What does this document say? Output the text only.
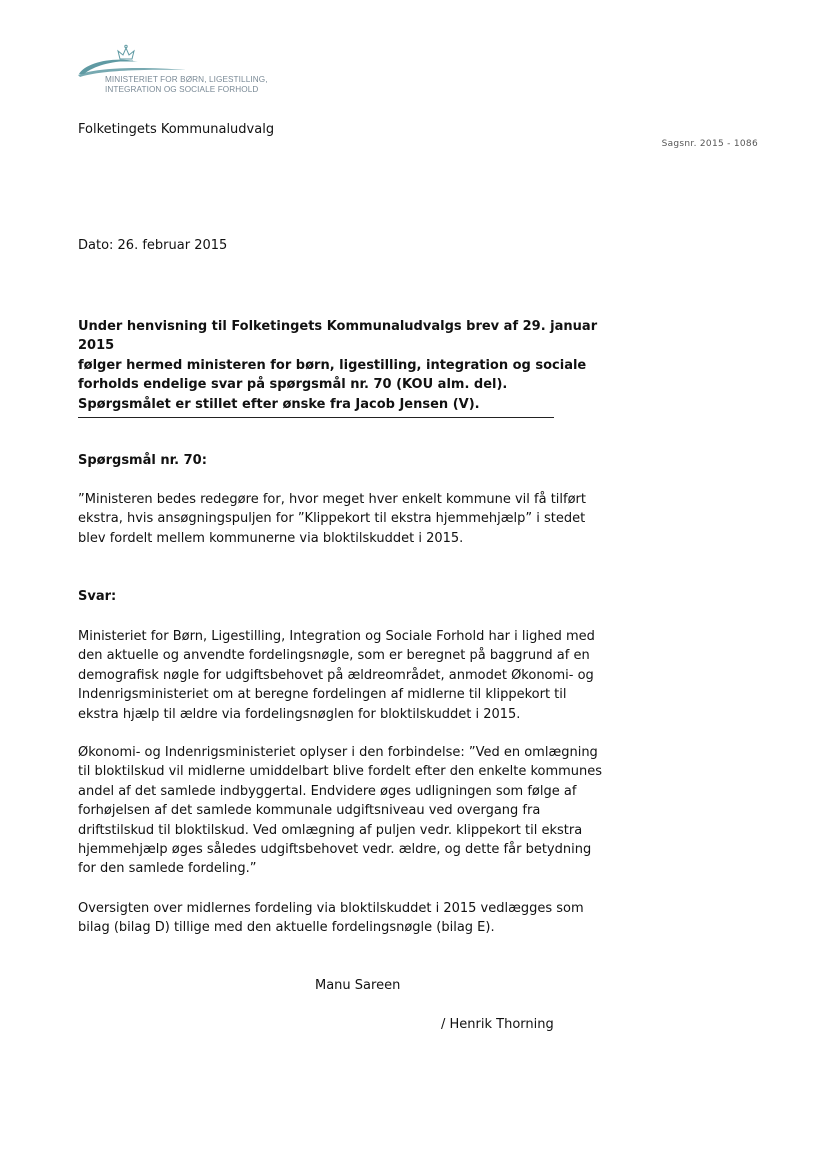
MINISTERIET FOR BØRN, LIGESTILLING,
INTEGRATION OG SOCIALE FORHOLD
Folketingets Kommunaludvalg
Sagsnr. 2015 - 1086
Dato: 26. februar 2015
Under henvisning til Folketingets Kommunaludvalgs brev af 29. januar 2015
følger hermed ministeren for børn, ligestilling, integration og sociale
forholds endelige svar på spørgsmål nr. 70 (KOU alm. del).
Spørgsmålet er stillet efter ønske fra Jacob Jensen (V).
Spørgsmål nr. 70:
”Ministeren bedes redegøre for, hvor meget hver enkelt kommune vil få tilført
ekstra, hvis ansøgningspuljen for ”Klippekort til ekstra hjemmehjælp” i stedet
blev fordelt mellem kommunerne via bloktilskuddet i 2015.
Svar:
Ministeriet for Børn, Ligestilling, Integration og Sociale Forhold har i lighed med
den aktuelle og anvendte fordelingsnøgle, som er beregnet på baggrund af en
demografisk nøgle for udgiftsbehovet på ældreområdet, anmodet Økonomi- og
Indenrigsministeriet om at beregne fordelingen af midlerne til klippekort til
ekstra hjælp til ældre via fordelingsnøglen for bloktilskuddet i 2015.
Økonomi- og Indenrigsministeriet oplyser i den forbindelse: ”Ved en omlægning
til bloktilskud vil midlerne umiddelbart blive fordelt efter den enkelte kommunes
andel af det samlede indbyggertal. Endvidere øges udligningen som følge af
forhøjelsen af det samlede kommunale udgiftsniveau ved overgang fra
driftstilskud til bloktilskud. Ved omlægning af puljen vedr. klippekort til ekstra
hjemmehjælp øges således udgiftsbehovet vedr. ældre, og dette får betydning
for den samlede fordeling.”
Oversigten over midlernes fordeling via bloktilskuddet i 2015 vedlægges som
bilag (bilag D) tillige med den aktuelle fordelingsnøgle (bilag E).
Manu Sareen
/ Henrik Thorning
